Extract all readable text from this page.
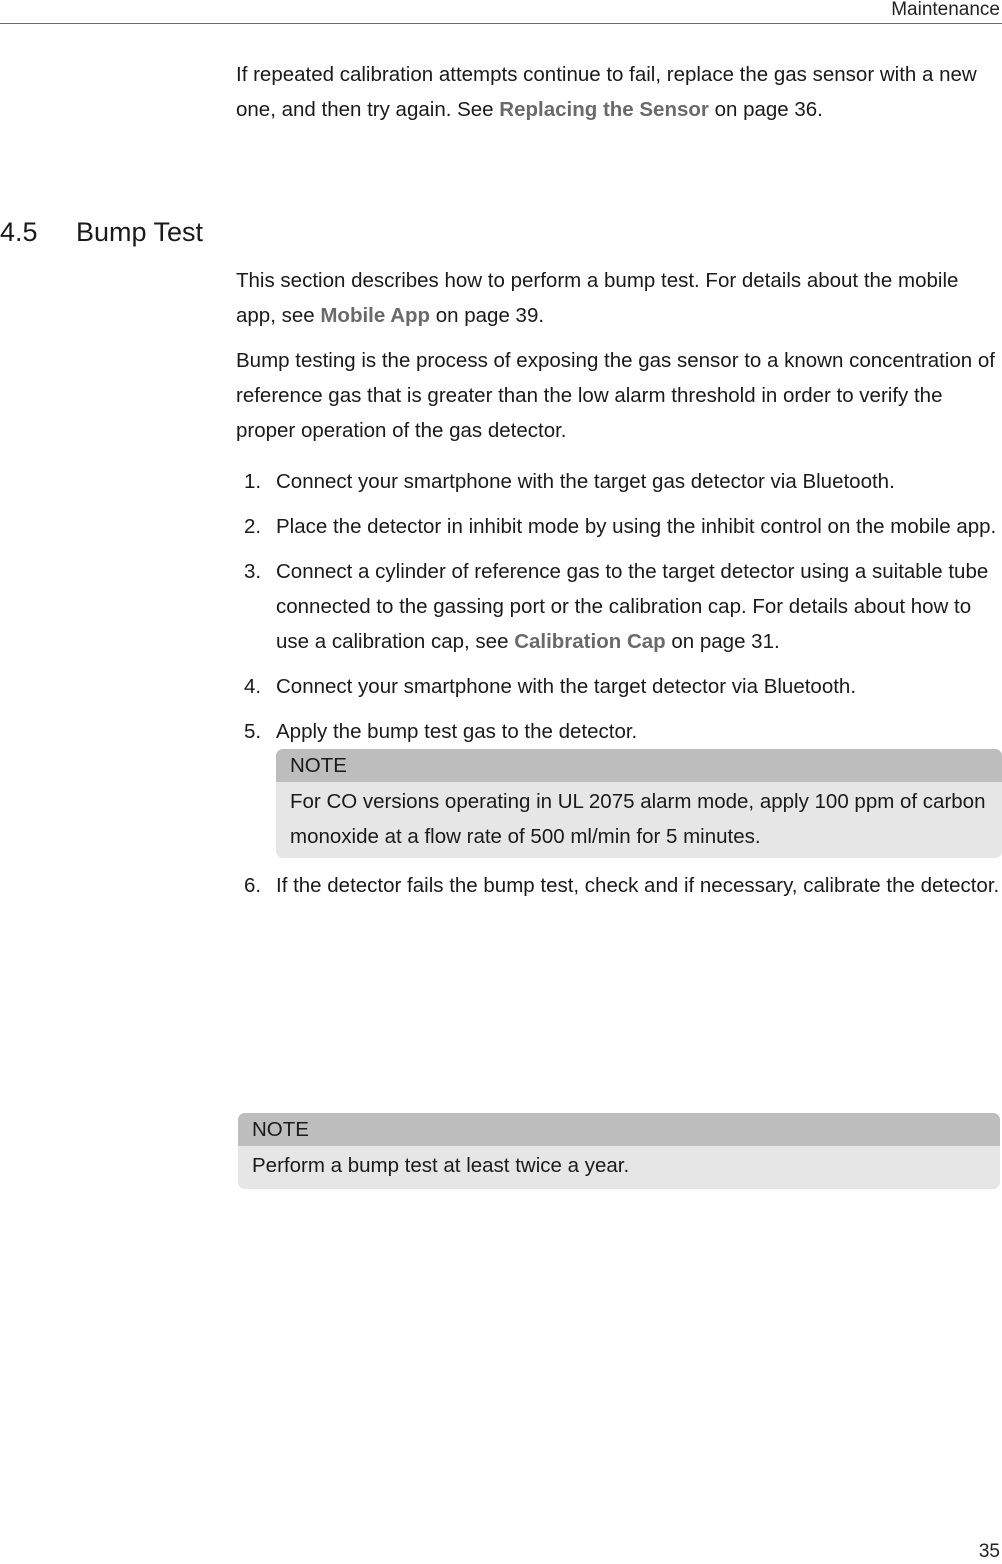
Maintenance

If repeated calibration attempts continue to fail, replace the gas sensor with a new one, and then try again. See Replacing the Sensor on page 36.

4.5 Bump Test

This section describes how to perform a bump test. For details about the mobile app, see Mobile App on page 39.

Bump testing is the process of exposing the gas sensor to a known concentration of reference gas that is greater than the low alarm threshold in order to verify the proper operation of the gas detector.

1. Connect your smartphone with the target gas detector via Bluetooth.
2. Place the detector in inhibit mode by using the inhibit control on the mobile app.
3. Connect a cylinder of reference gas to the target detector using a suitable tube connected to the gassing port or the calibration cap. For details about how to use a calibration cap, see Calibration Cap on page 31.
4. Connect your smartphone with the target detector via Bluetooth.
5. Apply the bump test gas to the detector.
NOTE
For CO versions operating in UL 2075 alarm mode, apply 100 ppm of carbon monoxide at a flow rate of 500 ml/min for 5 minutes.
6. If the detector fails the bump test, check and if necessary, calibrate the detector.
NOTE
Perform a bump test at least twice a year.
35
